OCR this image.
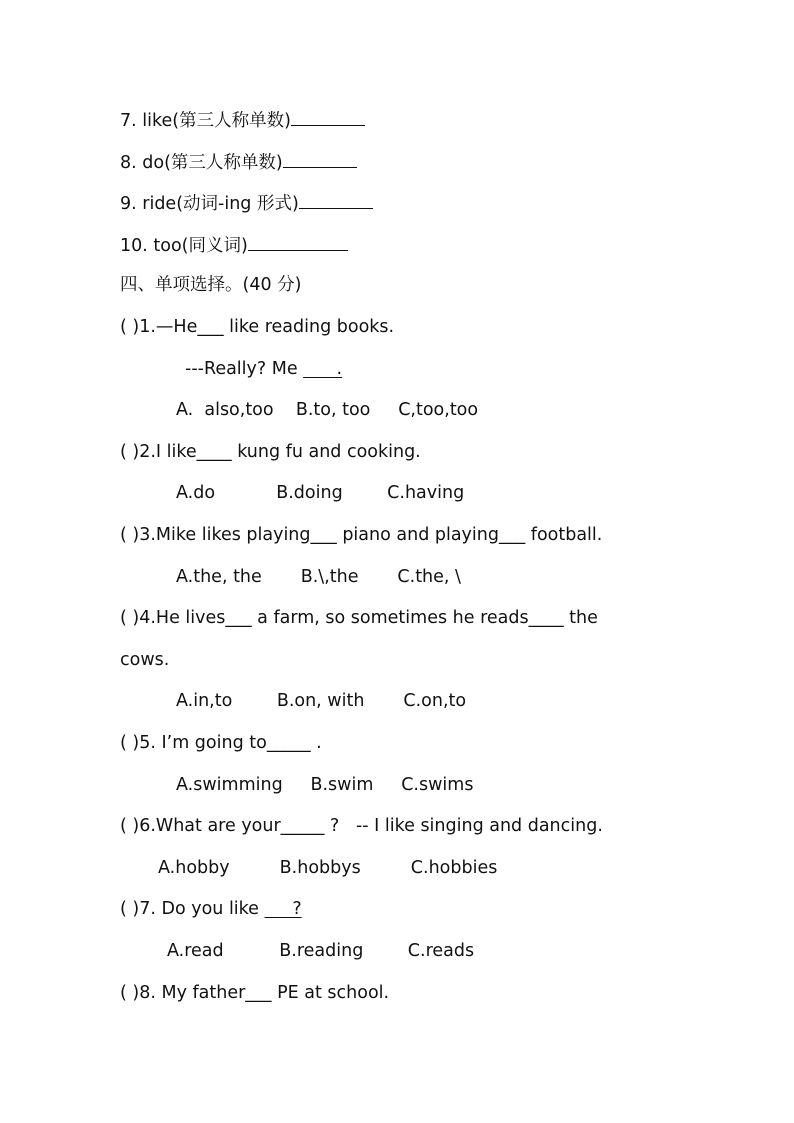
7. like(第三人称单数)
8. do(第三人称单数)
9. ride(动词-ing 形式)
10. too(同义词)
四、单项选择。(40 分)
( )1.—He___ like reading books.
---Really? Me       .
A.  also,too    B.to, too     C,too,too
( )2.I like____ kung fu and cooking.
A.do           B.doing        C.having
( )3.Mike likes playing___ piano and playing___ football.
A.the, the       B.\,the       C.the, \
( )4.He lives___ a farm, so sometimes he reads____ the
cows.
A.in,to        B.on, with       C.on,to
( )5. I’m going to_____ .
A.swimming     B.swim     C.swims
( )6.What are your_____ ?   -- I like singing and dancing.
A.hobby         B.hobbys         C.hobbies
( )7. Do you like      ?
A.read          B.reading        C.reads
( )8. My father___ PE at school.
